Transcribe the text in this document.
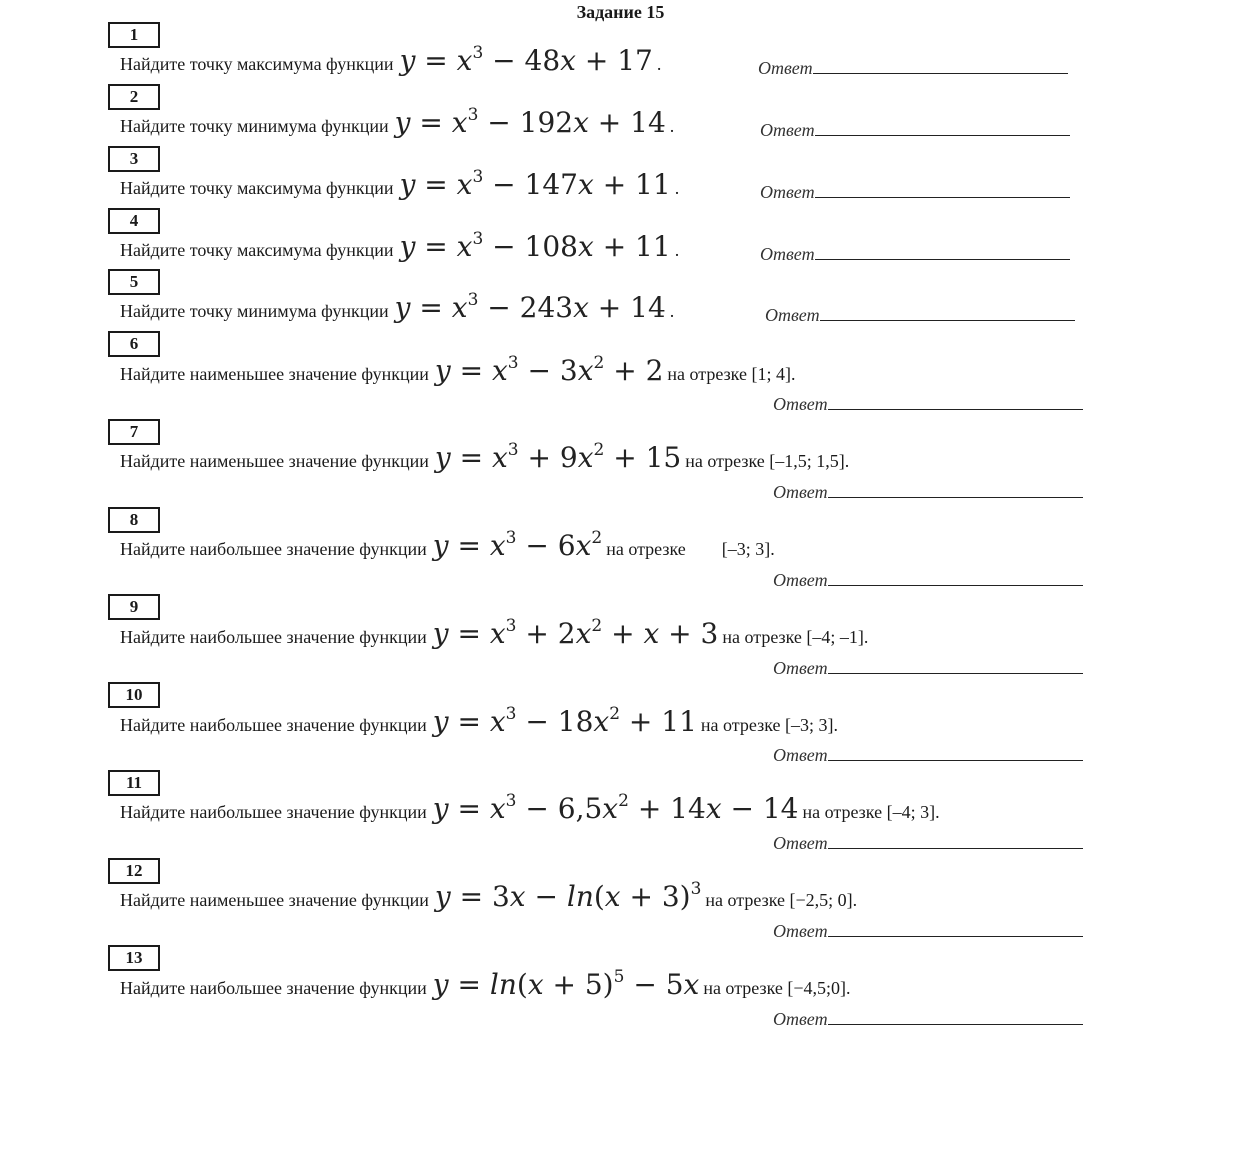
Задание 15
1
Найдите точку максимума функции $y = x^3 - 48x + 17$ .	Ответ
2
Найдите точку минимума функции $y = x^3 - 192x + 14$ .	Ответ
3
Найдите точку максимума функции $y = x^3 - 147x + 11$ .	Ответ
4
Найдите точку максимума функции $y = x^3 - 108x + 11$ .	Ответ
5
Найдите точку минимума функции $y = x^3 - 243x + 14$ .	Ответ
6
Найдите наименьшее значение функции $y = x^3 - 3x^2 + 2$ на отрезке [1; 4].
Ответ
7
Найдите наименьшее значение функции $y = x^3 + 9x^2 + 15$ на отрезке [–1,5; 1,5].
Ответ
8
Найдите наибольшее значение функции $y = x^3 - 6x^2на$ отрезке        [–3; 3].
Ответ
9
Найдите наибольшее значение функции $y = x^3 + 2x^2 + x + 3$ на отрезке [–4; –1].
Ответ
10
Найдите наибольшее значение функции $y = x^3 - 18x^2 + 11$ на отрезке [–3; 3].
Ответ
11
Найдите наибольшее значение функции $y = x^3 - 6,5x^2 + 14x - 14$ на отрезке [–4; 3].
Ответ
12
Найдите наименьшее значение функции $y = 3x - \ln(x + 3)^3на$ отрезке [−2,5; 0].
Ответ
13
Найдите наибольшее значение функции $y = \ln(x + 5)^5 - 5x$ на отрезке [−4,5;0].
Ответ
